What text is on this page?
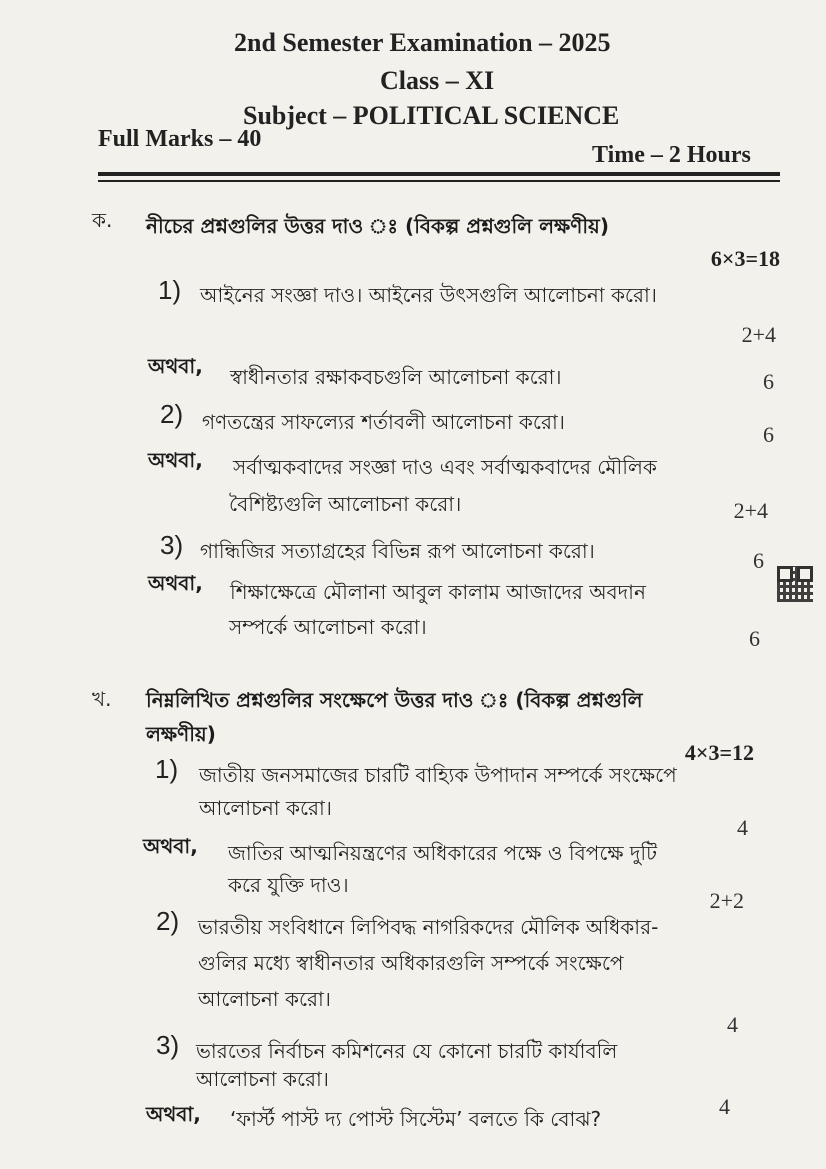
2nd Semester Examination – 2025
Class – XI
Subject – POLITICAL SCIENCE
Full Marks – 40
Time – 2 Hours
ক. নীচের প্রশ্নগুলির উত্তর দাও ঃ (বিকল্প প্রশ্নগুলি লক্ষণীয়)
6×3=18
1) আইনের সংজ্ঞা দাও। আইনের উৎসগুলি আলোচনা করো।
2+4
অথবা, স্বাধীনতার রক্ষাকবচগুলি আলোচনা করো।	6
2) গণতন্ত্রের সাফল্যের শর্তাবলী আলোচনা করো।	6
অথবা, সর্বাত্মকবাদের সংজ্ঞা দাও এবং সর্বাত্মকবাদের মৌলিক
বৈশিষ্ট্যগুলি আলোচনা করো।	2+4
3) গান্ধিজির সত্যাগ্রহের বিভিন্ন রূপ আলোচনা করো।	6
অথবা, শিক্ষাক্ষেত্রে মৌলানা আবুল কালাম আজাদের অবদান
সম্পর্কে আলোচনা করো।	6
খ. নিম্নলিখিত প্রশ্নগুলির সংক্ষেপে উত্তর দাও ঃ (বিকল্প প্রশ্নগুলি
লক্ষণীয়)
4×3=12
1) জাতীয় জনসমাজের চারটি বাহ্যিক উপাদান সম্পর্কে সংক্ষেপে
আলোচনা করো।
4
অথবা, জাতির আত্মনিয়ন্ত্রণের অধিকারের পক্ষে ও বিপক্ষে দুটি
করে যুক্তি দাও।
2+2
2) ভারতীয় সংবিধানে লিপিবদ্ধ নাগরিকদের মৌলিক অধিকার-
গুলির মধ্যে স্বাধীনতার অধিকারগুলি সম্পর্কে সংক্ষেপে
আলোচনা করো।
4
3) ভারতের নির্বাচন কমিশনের যে কোনো চারটি কার্যাবলি
আলোচনা করো।
অথবা, ‘ফার্স্ট পাস্ট দ্য পোস্ট সিস্টেম’ বলতে কি বোঝ?	4
